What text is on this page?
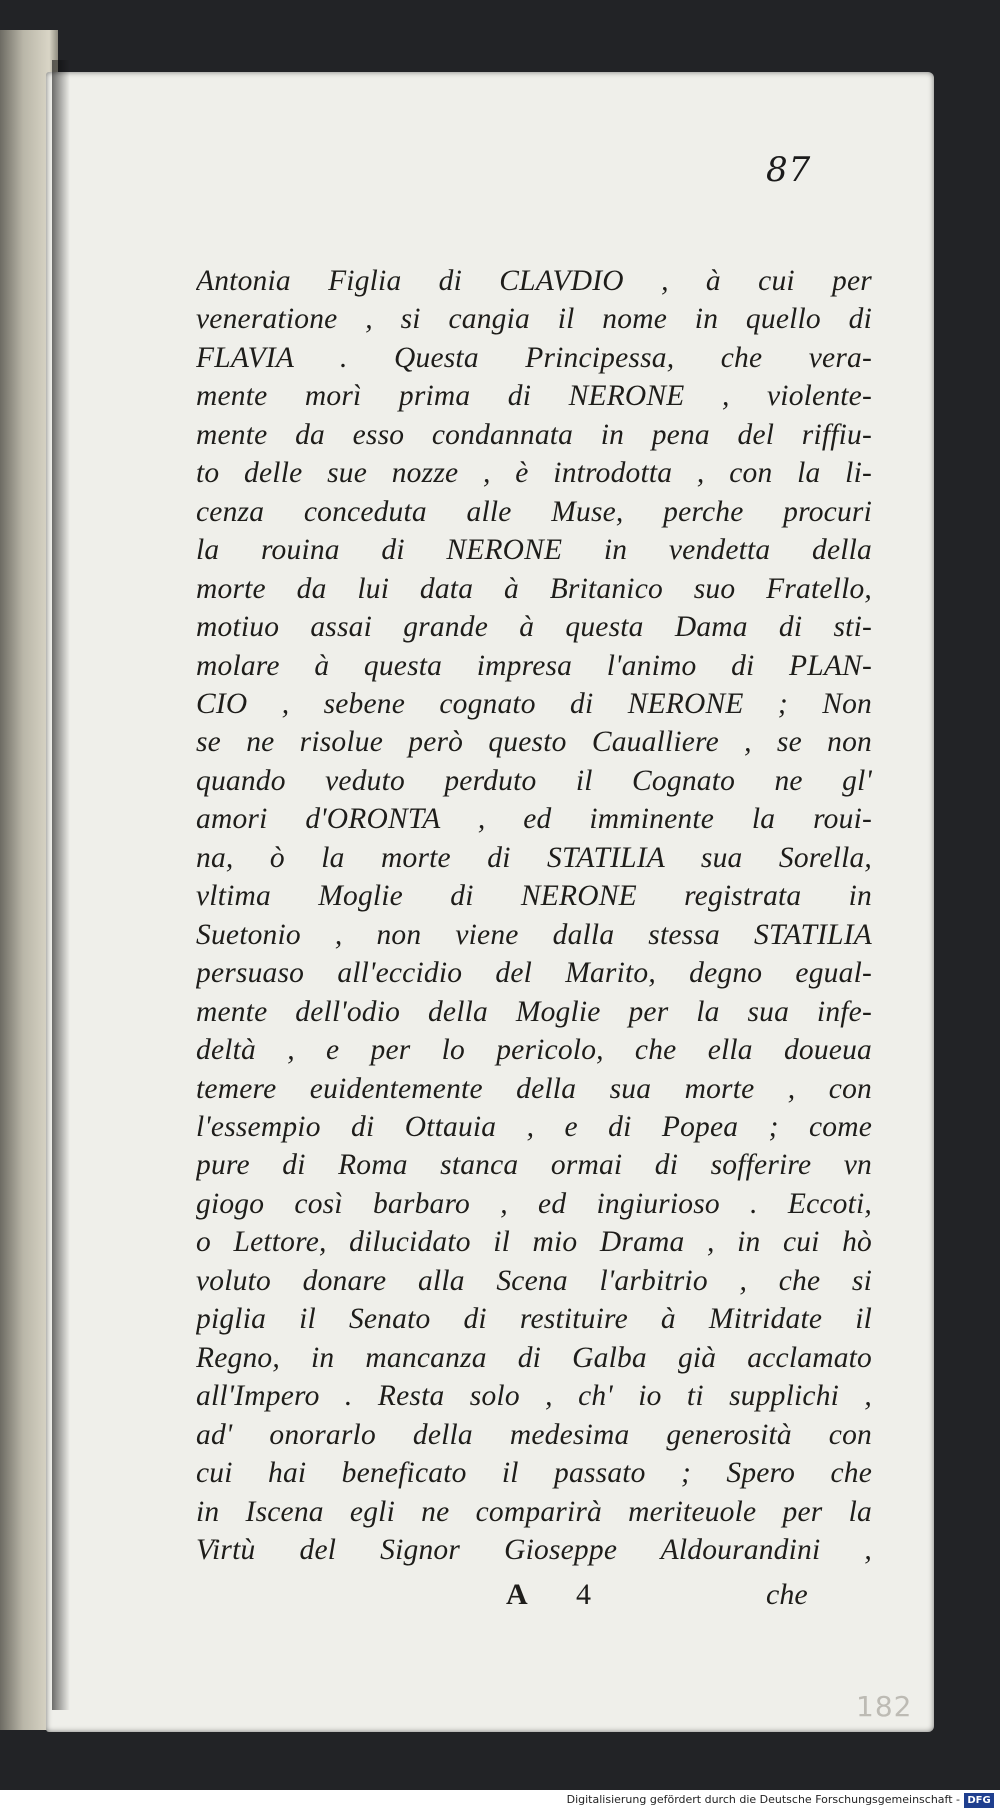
87
Antonia Figlia di CLAVDIO , à cui per
veneratione , si cangia il nome in quello di
FLAVIA . Questa Principessa, che vera-
mente morì prima di NERONE , violente-
mente da esso condannata in pena del riffiu-
to delle sue nozze , è introdotta , con la li-
cenza conceduta alle Muse, perche procuri
la rouina di NERONE in vendetta della
morte da lui data à Britanico suo Fratello,
motiuo assai grande à questa Dama di sti-
molare à questa impresa l'animo di PLAN-
CIO , sebene cognato di NERONE ; Non
se ne risolue però questo Caualliere , se non
quando veduto perduto il Cognato ne gl'
amori d'ORONTA , ed imminente la roui-
na, ò la morte di STATILIA sua Sorella,
vltima Moglie di NERONE registrata in
Suetonio , non viene dalla stessa STATILIA
persuaso all'eccidio del Marito, degno egual-
mente dell'odio della Moglie per la sua infe-
deltà , e per lo pericolo, che ella doueua
temere euidentemente della sua morte , con
l'essempio di Ottauia , e di Popea ; come
pure di Roma stanca ormai di sofferire vn
giogo così barbaro , ed ingiurioso . Eccoti,
o Lettore, dilucidato il mio Drama , in cui hò
voluto donare alla Scena l'arbitrio , che si
piglia il Senato di restituire à Mitridate il
Regno, in mancanza di Galba già acclamato
all'Impero . Resta solo , ch' io ti supplichi ,
ad' onorarlo della medesima generosità con
cui hai beneficato il passato ; Spero che
in Iscena egli ne comparirà meriteuole per la
Virtù del Signor Gioseppe Aldourandini ,
A 4	che
182
Digitalisierung gefördert durch die Deutsche Forschungsgemeinschaft - DFG
